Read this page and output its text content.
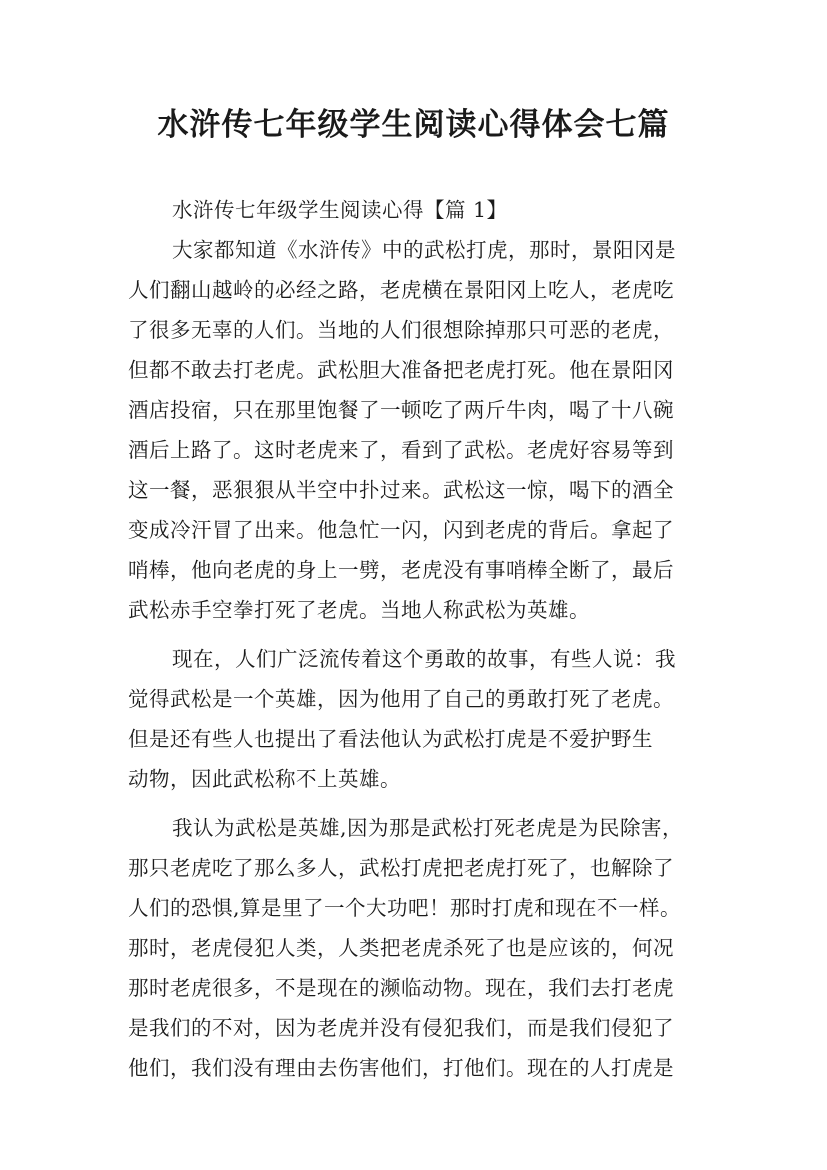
水浒传七年级学生阅读心得体会七篇
水浒传七年级学生阅读心得【篇 1】
大家都知道《水浒传》中的武松打虎，那时，景阳冈是
人们翻山越岭的必经之路，老虎横在景阳冈上吃人，老虎吃
了很多无辜的人们。当地的人们很想除掉那只可恶的老虎，
但都不敢去打老虎。武松胆大准备把老虎打死。他在景阳冈
酒店投宿，只在那里饱餐了一顿吃了两斤牛肉，喝了十八碗
酒后上路了。这时老虎来了，看到了武松。老虎好容易等到
这一餐，恶狠狠从半空中扑过来。武松这一惊，喝下的酒全
变成冷汗冒了出来。他急忙一闪，闪到老虎的背后。拿起了
哨棒，他向老虎的身上一劈，老虎没有事哨棒全断了，最后
武松赤手空拳打死了老虎。当地人称武松为英雄。
现在，人们广泛流传着这个勇敢的故事，有些人说：我
觉得武松是一个英雄，因为他用了自己的勇敢打死了老虎。
但是还有些人也提出了看法他认为武松打虎是不爱护野生
动物，因此武松称不上英雄。
我认为武松是英雄,因为那是武松打死老虎是为民除害，
那只老虎吃了那么多人，武松打虎把老虎打死了，也解除了
人们的恐惧,算是里了一个大功吧！那时打虎和现在不一样。
那时，老虎侵犯人类，人类把老虎杀死了也是应该的，何况
那时老虎很多，不是现在的濒临动物。现在，我们去打老虎
是我们的不对，因为老虎并没有侵犯我们，而是我们侵犯了
他们，我们没有理由去伤害他们，打他们。现在的人打虎是
